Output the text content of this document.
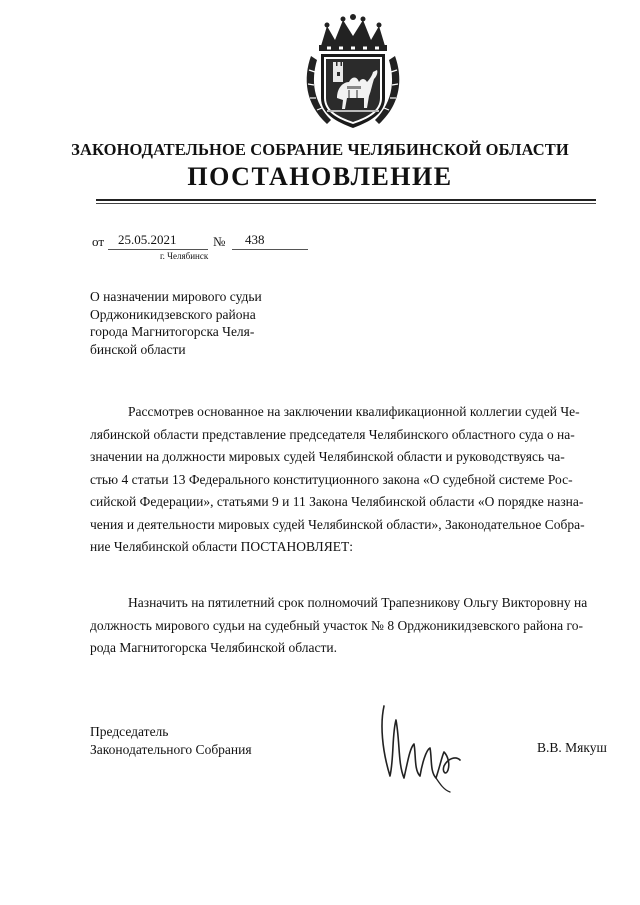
ЗАКОНОДАТЕЛЬНОЕ СОБРАНИЕ ЧЕЛЯБИНСКОЙ ОБЛАСТИ
ПОСТАНОВЛЕНИЕ
от 25.05.2021	№ 438
г. Челябинск
О назначении мирового судьи
Орджоникидзевского района
города Магнитогорска Челя-
бинской области
Рассмотрев основанное на заключении квалификационной коллегии судей Че-
лябинской области представление председателя Челябинского областного суда о на-
значении на должности мировых судей Челябинской области и руководствуясь ча-
стью 4 статьи 13 Федерального конституционного закона «О судебной системе Рос-
сийской Федерации», статьями 9 и 11 Закона Челябинской области «О порядке назна-
чения и деятельности мировых судей Челябинской области», Законодательное Собра-
ние Челябинской области ПОСТАНОВЛЯЕТ:
Назначить на пятилетний срок полномочий Трапезникову Ольгу Викторовну на
должность мирового судьи на судебный участок № 8 Орджоникидзевского района го-
рода Магнитогорска Челябинской области.
Председатель
Законодательного Собрания	В.В. Мякуш
